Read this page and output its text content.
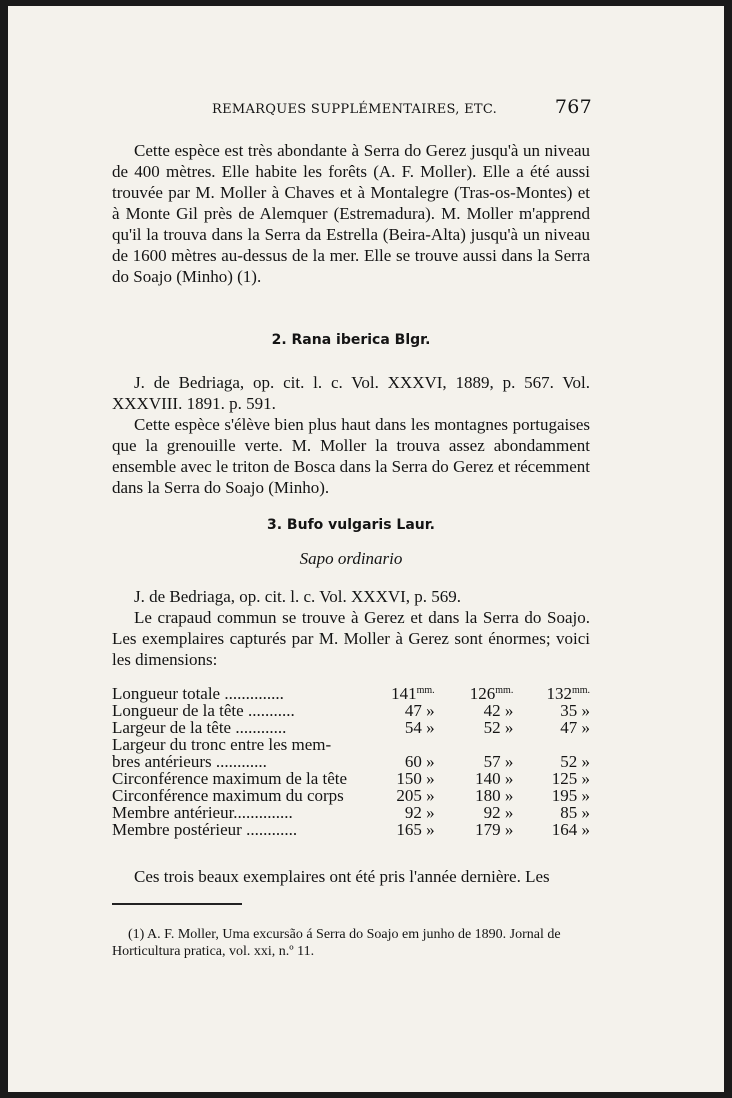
REMARQUES SUPPLÉMENTAIRES, ETC.	767

Cette espèce est très abondante à Serra do Gerez jusqu'à un niveau de 400 mètres. Elle habite les forêts (A. F. Moller). Elle a été aussi trouvée par M. Moller à Chaves et à Montalegre (Tras-os-Montes) et à Monte Gil près de Alemquer (Estremadura). M. Moller m'apprend qu'il la trouva dans la Serra da Estrella (Beira-Alta) jusqu'à un niveau de 1600 mètres au-dessus de la mer. Elle se trouve aussi dans la Serra do Soajo (Minho) (1).

2. Rana iberica Blgr.

J. de Bedriaga, op. cit. l. c. Vol. XXXVI, 1889, p. 567. Vol. XXXVIII. 1891. p. 591.

Cette espèce s'élève bien plus haut dans les montagnes portugaises que la grenouille verte. M. Moller la trouva assez abondamment ensemble avec le triton de Bosca dans la Serra do Gerez et récemment dans la Serra do Soajo (Minho).

3. Bufo vulgaris Laur.
Sapo ordinario

J. de Bedriaga, op. cit. l. c. Vol. XXXVI, p. 569.

Le crapaud commun se trouve à Gerez et dans la Serra do Soajo. Les exemplaires capturés par M. Moller à Gerez sont énormes; voici les dimensions:

Longueur totale ..............	$141^{mm.}$	$126^{mm.}$	$132^{mm.}$
Longueur de la tête ...........	47 »	42 »	35 »
Largeur de la tête ............	54 »	52 »	47 »
Largeur du tronc entre les mem-			
bres antérieurs ............	60 »	57 »	52 »
Circonférence maximum de la tête	150 »	140 »	125 »
Circonférence maximum du corps	205 »	180 »	195 »
Membre antérieur..............	92 »	92 »	85 »
Membre postérieur ............	165 »	179 »	164 »

Ces trois beaux exemplaires ont été pris l'année dernière. Les

(1) A. F. Moller, Uma excursão á Serra do Soajo em junho de 1890. Jornal de Horticultura pratica, vol. xxi, n.º 11.
